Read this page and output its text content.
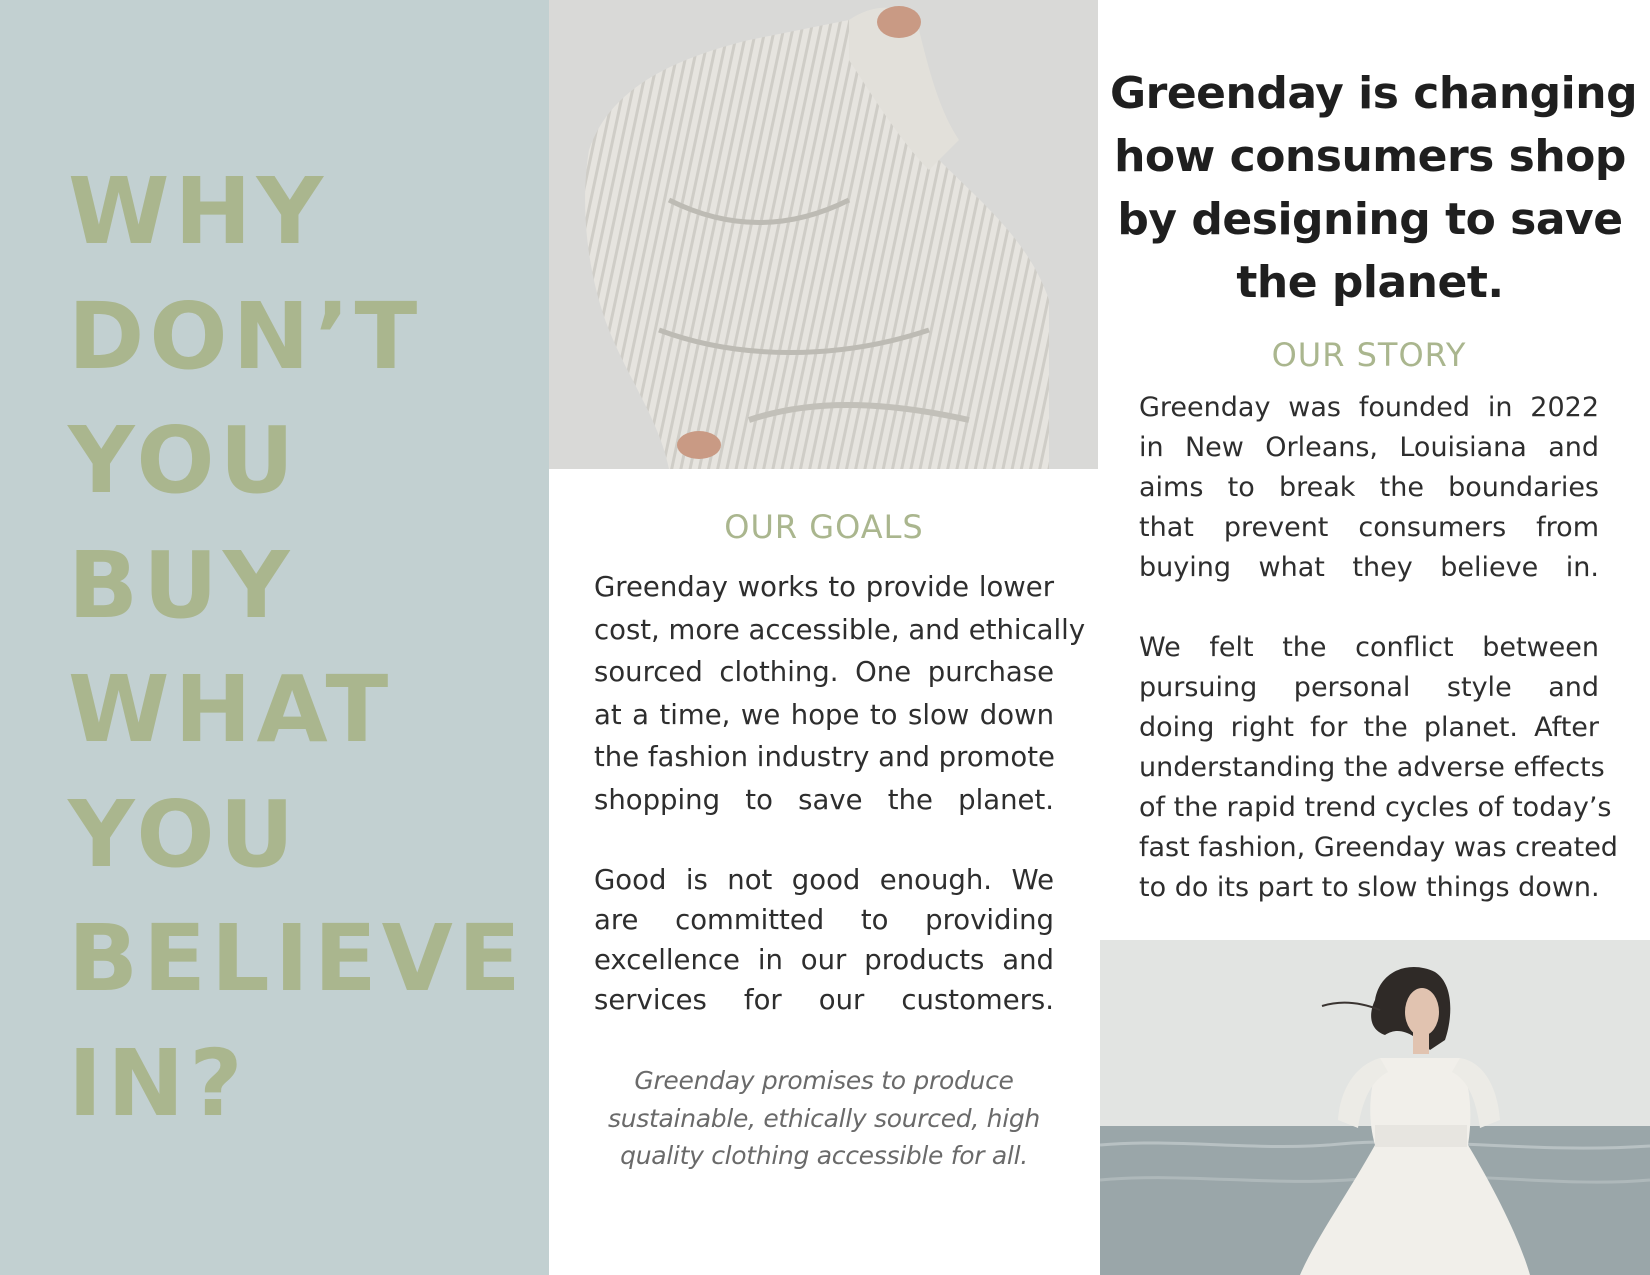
WHY
DON’T
YOU
BUY
WHAT
YOU
BELIEVE
IN?
Greenday is changing
how consumers shop
by designing to save
the planet.
OUR STORY
Greenday was founded in 2022
in New Orleans, Louisiana and
aims to break the boundaries
that prevent consumers from
buying what they believe in.
We felt the conflict between
pursuing personal style and
doing right for the planet. After
understanding the adverse effects
of the rapid trend cycles of today’s
fast fashion, Greenday was created
to do its part to slow things down.
OUR GOALS
Greenday works to provide lower
cost, more accessible, and ethically
sourced clothing. One purchase
at a time, we hope to slow down
the fashion industry and promote
shopping to save the planet.
Good is not good enough. We
are committed to providing
excellence in our products and
services for our customers.

Greenday promises to produce
sustainable, ethically sourced, high
quality clothing accessible for all.
